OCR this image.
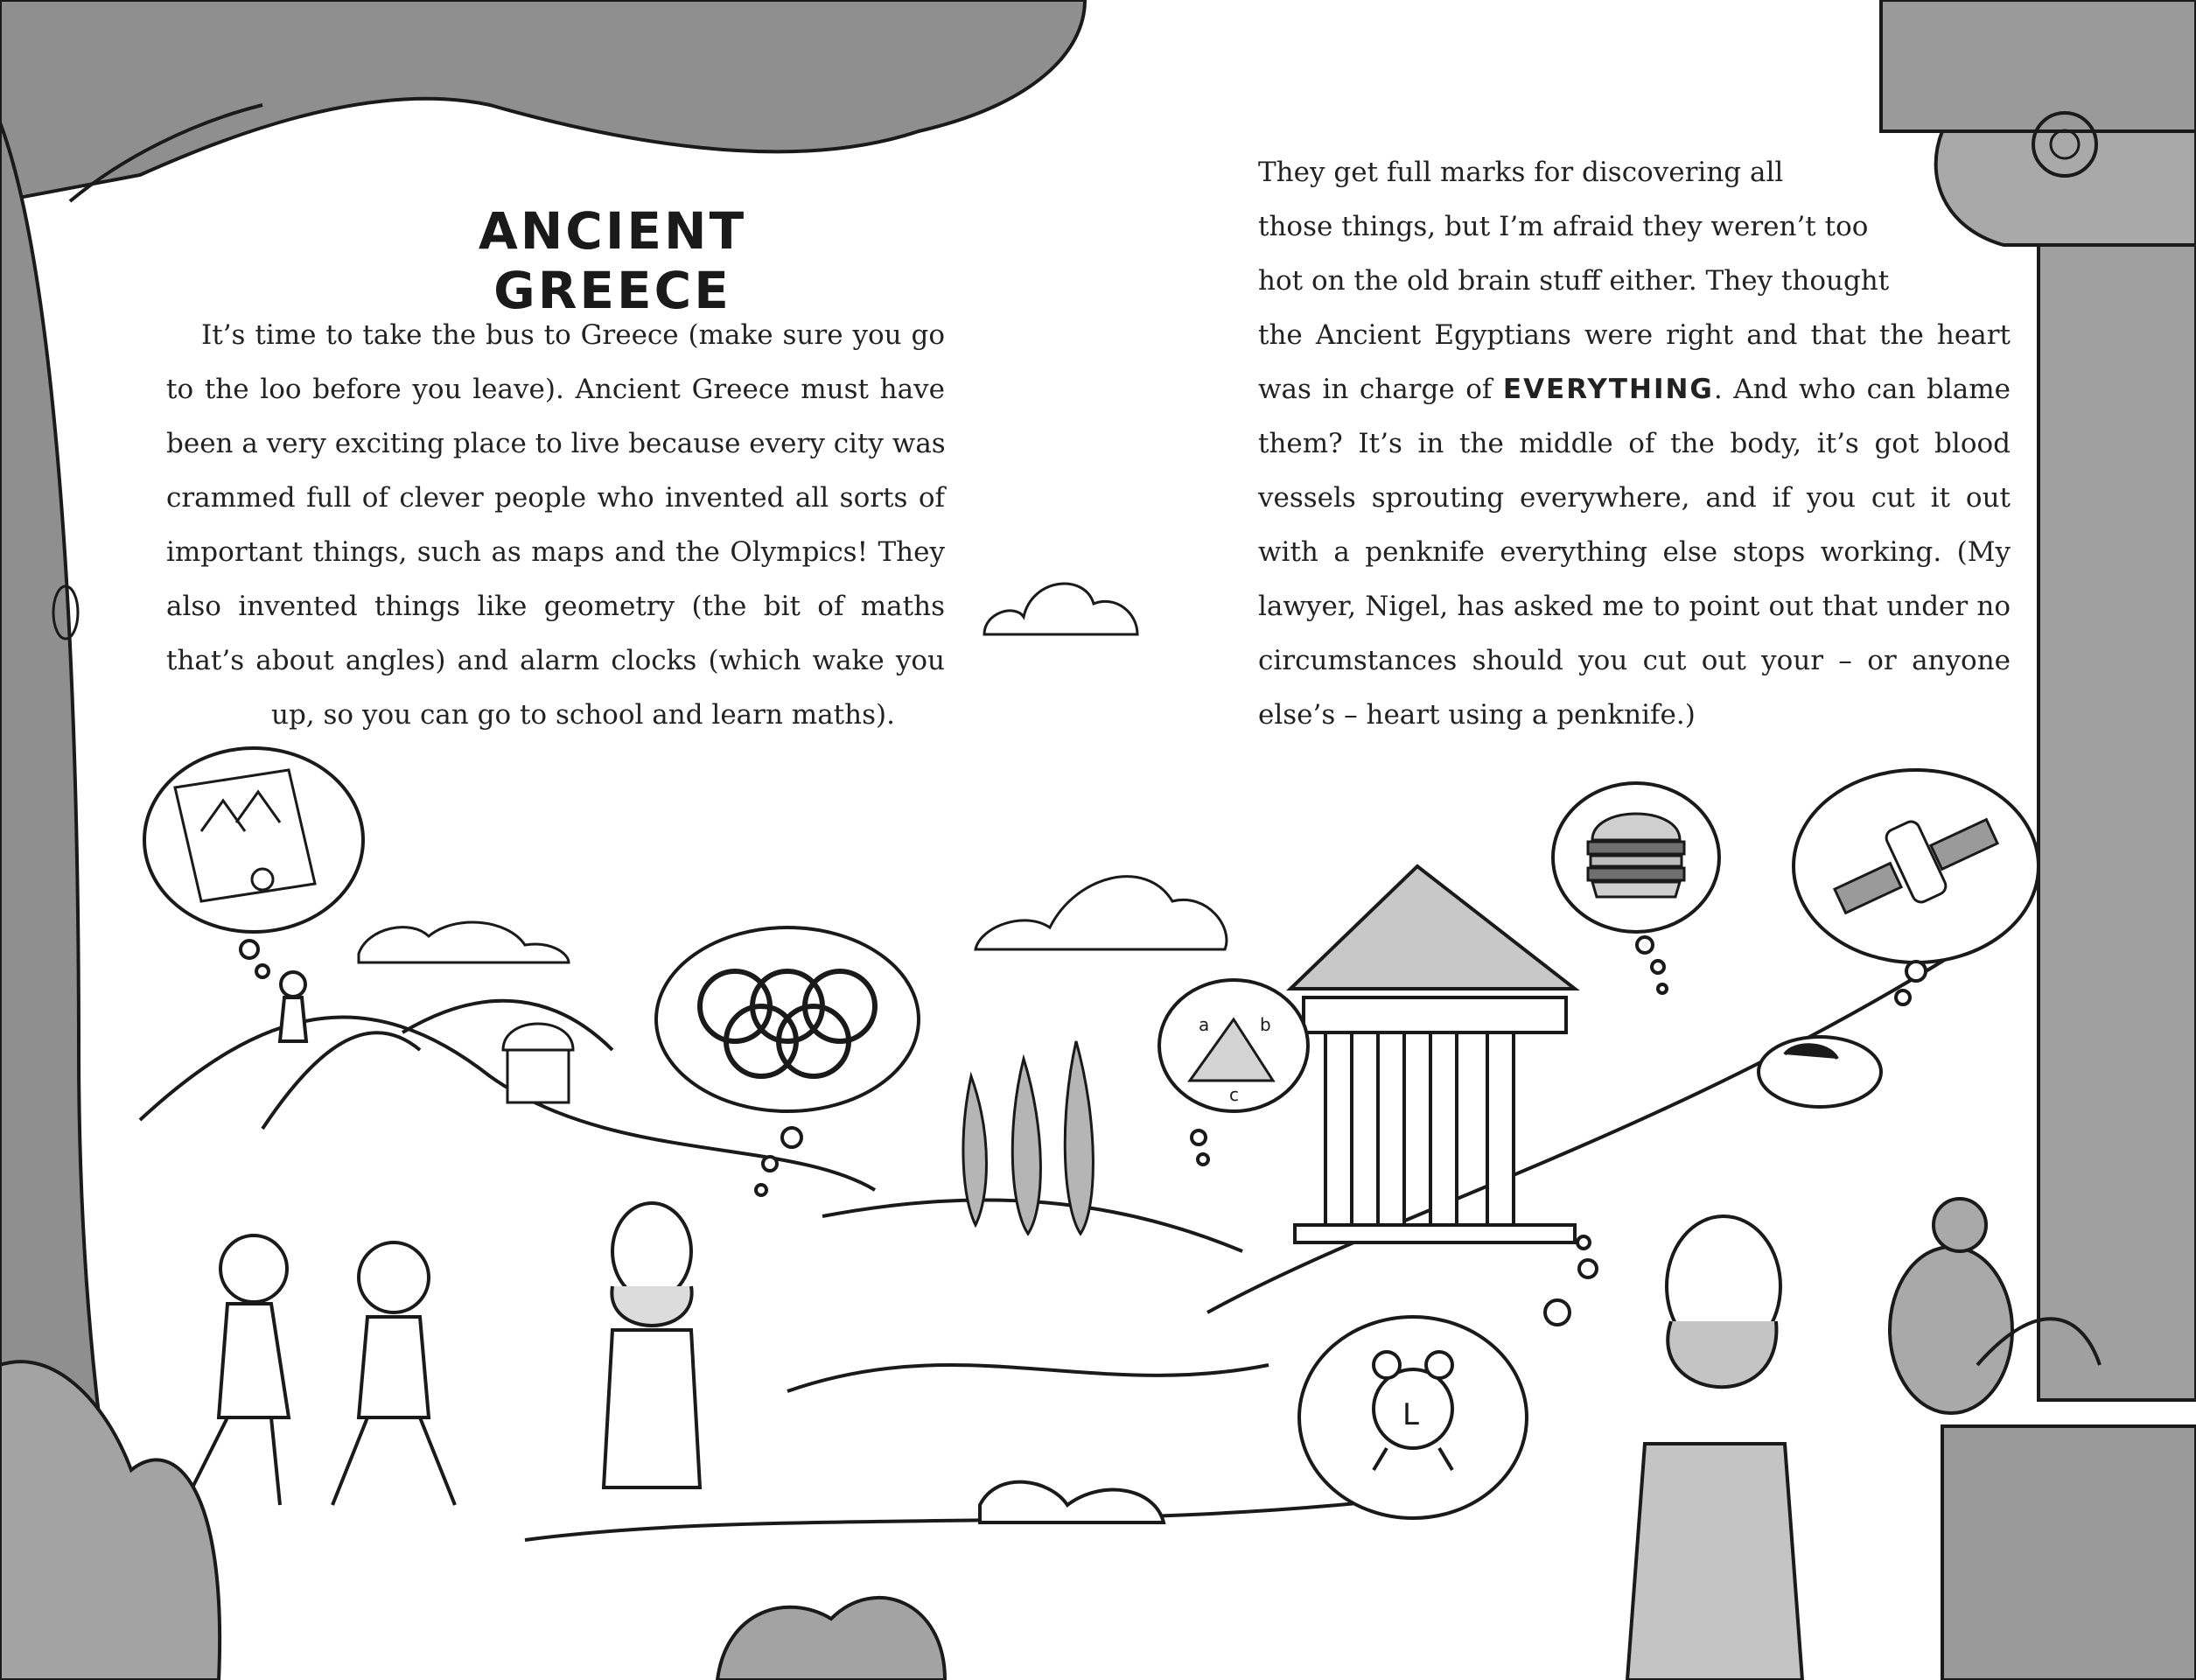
a	b
c
L
ANCIENT GREECE
It’s time to take the bus to Greece (make sure you go
to the loo before you leave). Ancient Greece must have
been a very exciting place to live because every city was
crammed full of clever people who invented all sorts of
important things, such as maps and the Olympics! They
also invented things like geometry (the bit of maths
that’s about angles) and alarm clocks (which wake you
up, so you can go to school and learn maths).
They get full marks for discovering all
those things, but I’m afraid they weren’t too
hot on the old brain stuff either. They thought
the Ancient Egyptians were right and that the heart
was in charge of EVERYTHING. And who can blame
them? It’s in the middle of the body, it’s got blood
vessels sprouting everywhere, and if you cut it out
with a penknife everything else stops working. (My
lawyer, Nigel, has asked me to point out that under no
circumstances should you cut out your – or anyone
else’s – heart using a penknife.)
